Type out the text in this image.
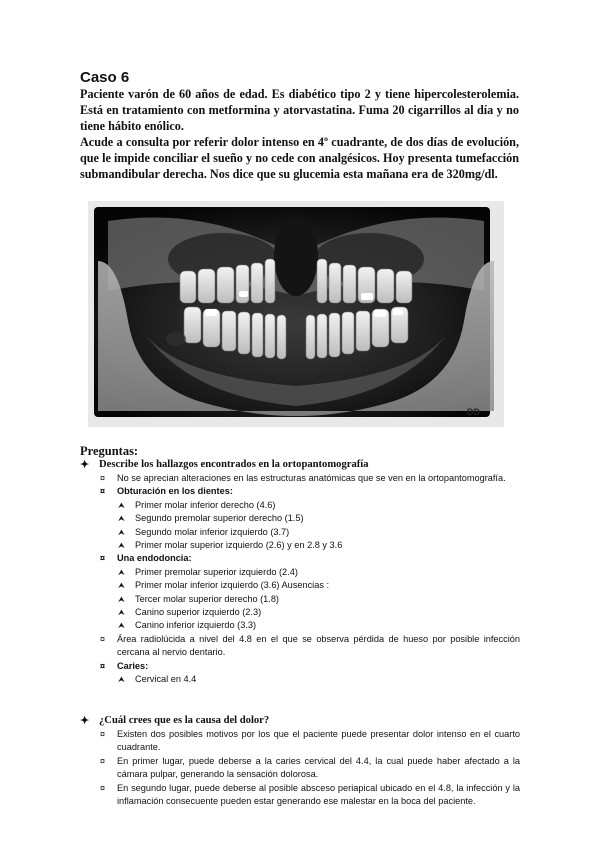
Caso 6

Paciente varón de 60 años de edad. Es diabético tipo 2 y tiene hipercolesterolemia. Está en tratamiento con metformina y atorvastatina. Fuma 20 cigarrillos al día y no tiene hábito enólico.

Acude a consulta por referir dolor intenso en 4º cuadrante, de dos días de evolución, que le impide conciliar el sueño y no cede con analgésicos. Hoy presenta tumefacción submandibular derecha. Nos dice que su glucemia esta mañana era de 320mg/dl.

DD
Preguntas:
✦ Describe los hallazgos encontrados en la ortopantomografía
¤ No se aprecian alteraciones en las estructuras anatómicas que se ven en la ortopantomografía.
¤ Obturación en los dientes:
⮝ Primer molar inferior derecho (4.6)
⮝ Segundo premolar superior derecho (1.5)
⮝ Segundo molar inferior izquierdo (3.7)
⮝ Primer molar superior izquierdo (2.6) y en 2.8 y 3.6
¤ Una endodoncia:
⮝ Primer premolar superior izquierdo (2.4)
⮝ Primer molar inferior izquierdo (3.6) Ausencias :
⮝ Tercer molar superior derecho (1.8)
⮝ Canino superior izquierdo (2.3)
⮝ Canino inferior izquierdo (3.3)
¤ Área radiolúcida a nivel del 4.8 en el que se observa pérdida de hueso por posible infección cercana al nervio dentario.
¤ Caries:
⮝ Cervical en 4.4
✦ ¿Cuál crees que es la causa del dolor?
¤ Existen dos posibles motivos por los que el paciente puede presentar dolor intenso en el cuarto cuadrante.
¤ En primer lugar, puede deberse a la caries cervical del 4.4, la cual puede haber afectado a la cámara pulpar, generando la sensación dolorosa.
¤ En segundo lugar, puede deberse al posible absceso periapical ubicado en el 4.8, la infección y la inflamación consecuente pueden estar generando ese malestar en la boca del paciente.
